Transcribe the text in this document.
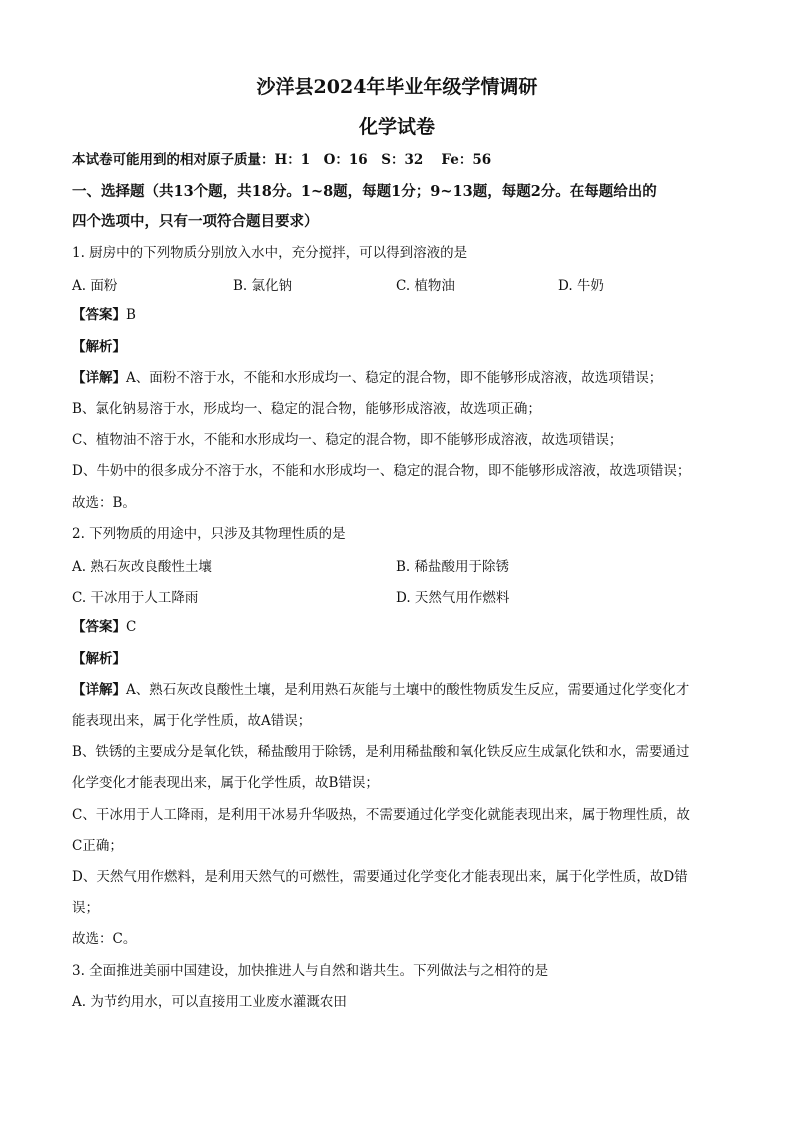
沙洋县2024年毕业年级学情调研
化学试卷
本试卷可能用到的相对原子质量：H：1　O：16　S：32　 Fe：56
一、选择题（共13个题，共18分。1~8题，每题1分；9~13题，每题2分。在每题给出的
四个选项中，只有一项符合题目要求）
1. 厨房中的下列物质分别放入水中，充分搅拌，可以得到溶液的是
A. 面粉	B. 氯化钠	C. 植物油	D. 牛奶
【答案】B
【解析】
【详解】A、面粉不溶于水，不能和水形成均一、稳定的混合物，即不能够形成溶液，故选项错误；
B、氯化钠易溶于水，形成均一、稳定的混合物，能够形成溶液，故选项正确；
C、植物油不溶于水，不能和水形成均一、稳定的混合物，即不能够形成溶液，故选项错误；
D、牛奶中的很多成分不溶于水，不能和水形成均一、稳定的混合物，即不能够形成溶液，故选项错误；
故选：B。
2. 下列物质的用途中，只涉及其物理性质的是
A. 熟石灰改良酸性土壤	B. 稀盐酸用于除锈
C. 干冰用于人工降雨	D. 天然气用作燃料
【答案】C
【解析】
【详解】A、熟石灰改良酸性土壤，是利用熟石灰能与土壤中的酸性物质发生反应，需要通过化学变化才
能表现出来，属于化学性质，故A错误；
B、铁锈的主要成分是氧化铁，稀盐酸用于除锈，是利用稀盐酸和氧化铁反应生成氯化铁和水，需要通过
化学变化才能表现出来，属于化学性质，故B错误；
C、干冰用于人工降雨，是利用干冰易升华吸热，不需要通过化学变化就能表现出来，属于物理性质，故
C正确；
D、天然气用作燃料，是利用天然气的可燃性，需要通过化学变化才能表现出来，属于化学性质，故D错
误；
故选：C。
3. 全面推进美丽中国建设，加快推进人与自然和谐共生。下列做法与之相符的是
A. 为节约用水，可以直接用工业废水灌溉农田
